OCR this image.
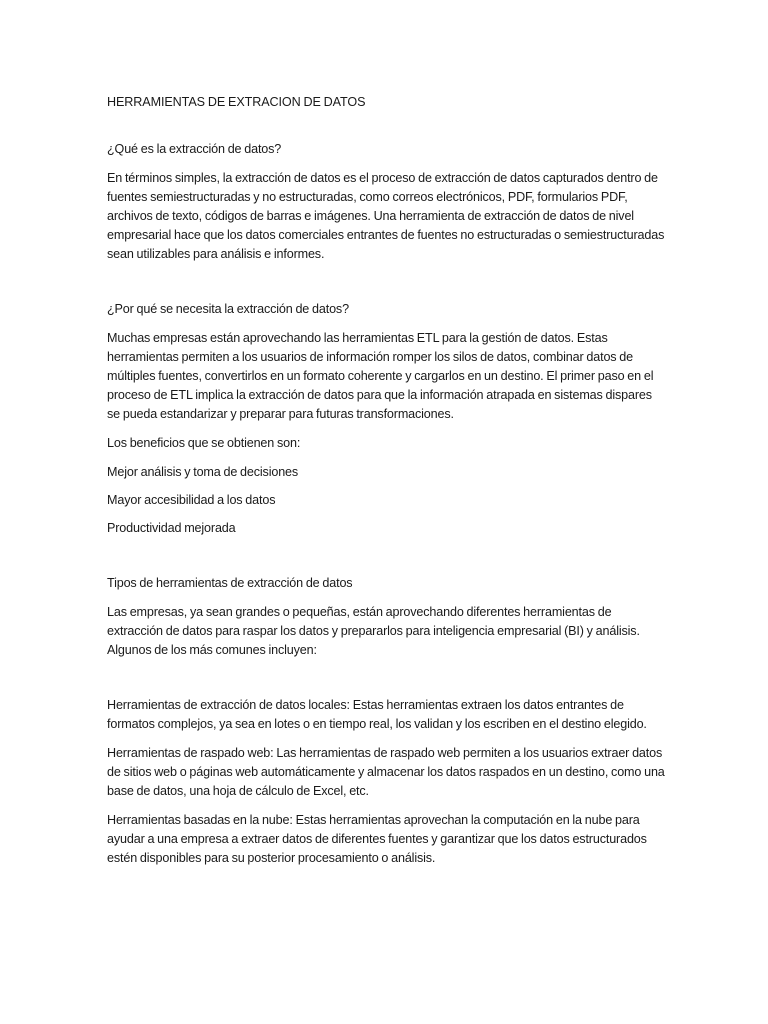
HERRAMIENTAS DE EXTRACION DE DATOS

¿Qué es la extracción de datos?

En términos simples, la extracción de datos es el proceso de extracción de datos capturados dentro de fuentes semiestructuradas y no estructuradas, como correos electrónicos, PDF, formularios PDF, archivos de texto, códigos de barras e imágenes. Una herramienta de extracción de datos de nivel empresarial hace que los datos comerciales entrantes de fuentes no estructuradas o semiestructuradas sean utilizables para análisis e informes.

¿Por qué se necesita la extracción de datos?

Muchas empresas están aprovechando las herramientas ETL para la gestión de datos. Estas herramientas permiten a los usuarios de información romper los silos de datos, combinar datos de múltiples fuentes, convertirlos en un formato coherente y cargarlos en un destino. El primer paso en el proceso de ETL implica la extracción de datos para que la información atrapada en sistemas dispares se pueda estandarizar y preparar para futuras transformaciones.

Los beneficios que se obtienen son:

Mejor análisis y toma de decisiones

Mayor accesibilidad a los datos

Productividad mejorada

Tipos de herramientas de extracción de datos

Las empresas, ya sean grandes o pequeñas, están aprovechando diferentes herramientas de extracción de datos para raspar los datos y prepararlos para inteligencia empresarial (BI) y análisis. Algunos de los más comunes incluyen:

Herramientas de extracción de datos locales: Estas herramientas extraen los datos entrantes de formatos complejos, ya sea en lotes o en tiempo real, los validan y los escriben en el destino elegido.

Herramientas de raspado web: Las herramientas de raspado web permiten a los usuarios extraer datos de sitios web o páginas web automáticamente y almacenar los datos raspados en un destino, como una base de datos, una hoja de cálculo de Excel, etc.

Herramientas basadas en la nube: Estas herramientas aprovechan la computación en la nube para ayudar a una empresa a extraer datos de diferentes fuentes y garantizar que los datos estructurados estén disponibles para su posterior procesamiento o análisis.
